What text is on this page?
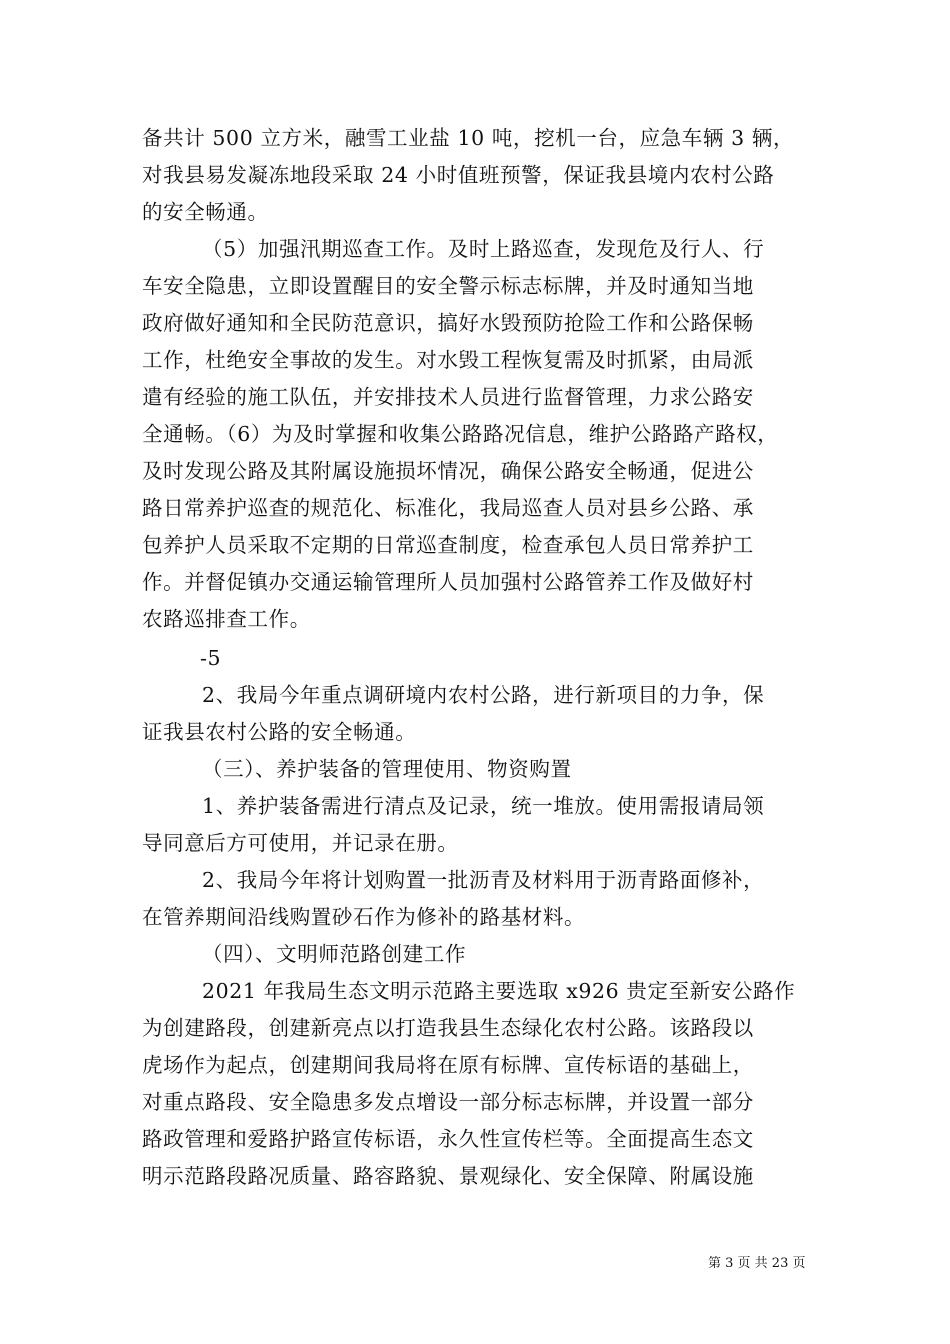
备共计 500 立方米，融雪工业盐 10 吨，挖机一台，应急车辆 3 辆，
对我县易发凝冻地段采取 24 小时值班预警，保证我县境内农村公路
的安全畅通。
（5）加强汛期巡查工作。及时上路巡查，发现危及行人、行
车安全隐患，立即设置醒目的安全警示标志标牌，并及时通知当地
政府做好通知和全民防范意识，搞好水毁预防抢险工作和公路保畅
工作，杜绝安全事故的发生。对水毁工程恢复需及时抓紧，由局派
遣有经验的施工队伍，并安排技术人员进行监督管理，力求公路安
全通畅。（6）为及时掌握和收集公路路况信息，维护公路路产路权，
及时发现公路及其附属设施损坏情况，确保公路安全畅通，促进公
路日常养护巡查的规范化、标准化，我局巡查人员对县乡公路、承
包养护人员采取不定期的日常巡查制度，检查承包人员日常养护工
作。并督促镇办交通运输管理所人员加强村公路管养工作及做好村
农路巡排查工作。
-5
2、我局今年重点调研境内农村公路，进行新项目的力争，保
证我县农村公路的安全畅通。
（三）、养护装备的管理使用、物资购置
1、养护装备需进行清点及记录，统一堆放。使用需报请局领
导同意后方可使用，并记录在册。
2、我局今年将计划购置一批沥青及材料用于沥青路面修补，
在管养期间沿线购置砂石作为修补的路基材料。
（四）、文明师范路创建工作
2021 年我局生态文明示范路主要选取 x926 贵定至新安公路作
为创建路段，创建新亮点以打造我县生态绿化农村公路。该路段以
虎场作为起点，创建期间我局将在原有标牌、宣传标语的基础上，
对重点路段、安全隐患多发点增设一部分标志标牌，并设置一部分
路政管理和爱路护路宣传标语，永久性宣传栏等。全面提高生态文
明示范路段路况质量、路容路貌、景观绿化、安全保障、附属设施
第 3 页 共 23 页
